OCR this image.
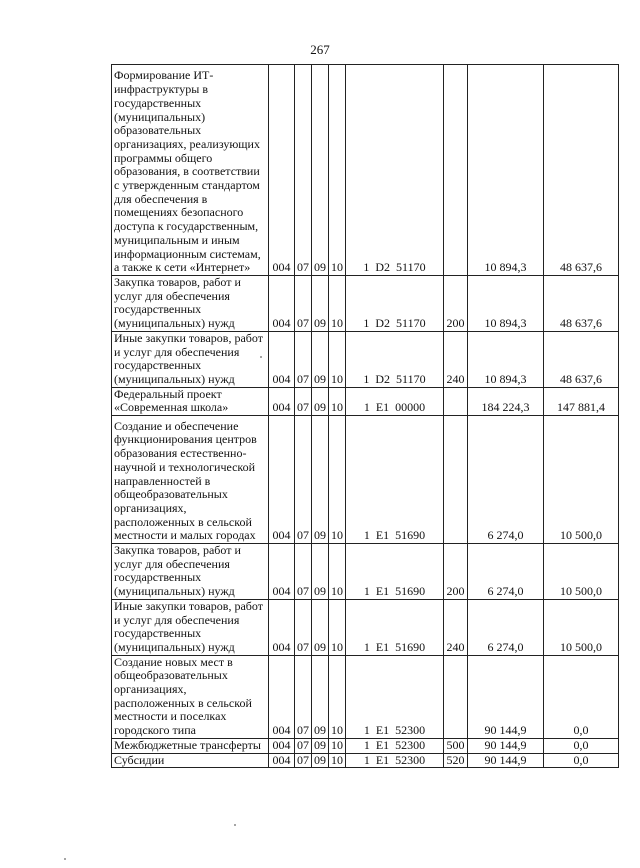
267
Формирование ИТ-инфраструктуры в государственных (муниципальных) образовательных организациях, реализующих программы общего образования, в соответствии с утвержденным стандартом для обеспечения в помещениях безопасного доступа к государственным, муниципальным и иным информационным системам, а также к сети «Интернет»	004	07	09	10	1 D2 51170		10 894,3	48 637,6
Закупка товаров, работ и услуг для обеспечения государственных (муниципальных) нужд	004	07	09	10	1 D2 51170	200	10 894,3	48 637,6
Иные закупки товаров, работ и услуг для обеспечения государственных (муниципальных) нужд	004	07	09	10	1 D2 51170	240	10 894,3	48 637,6
Федеральный проект «Современная школа»	004	07	09	10	1 E1 00000		184 224,3	147 881,4
Создание и обеспечение функционирования центров образования естественно-научной и технологической направленностей в общеобразовательных организациях, расположенных в сельской местности и малых городах	004	07	09	10	1 E1 51690		6 274,0	10 500,0
Закупка товаров, работ и услуг для обеспечения государственных (муниципальных) нужд	004	07	09	10	1 E1 51690	200	6 274,0	10 500,0
Иные закупки товаров, работ и услуг для обеспечения государственных (муниципальных) нужд	004	07	09	10	1 E1 51690	240	6 274,0	10 500,0
Создание новых мест в общеобразовательных организациях, расположенных в сельской местности и поселках городского типа	004	07	09	10	1 E1 52300		90 144,9	0,0
Межбюджетные трансферты	004	07	09	10	1 E1 52300	500	90 144,9	0,0
Субсидии	004	07	09	10	1 E1 52300	520	90 144,9	0,0
